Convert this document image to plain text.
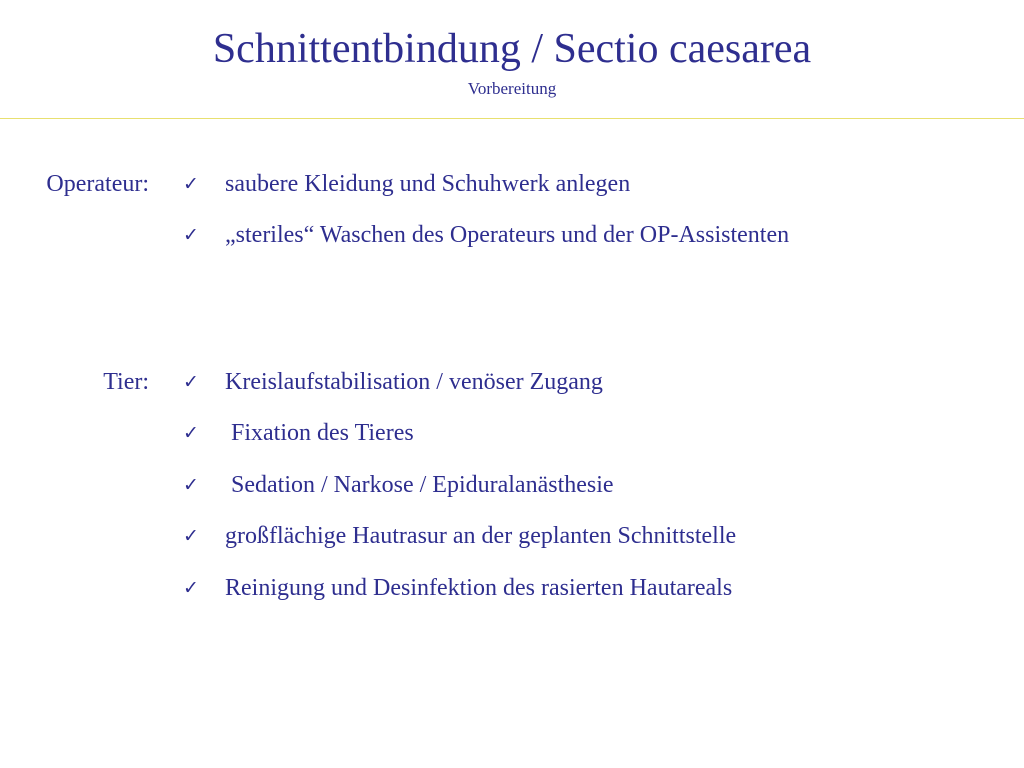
Schnittentbindung / Sectio caesarea
Vorbereitung
Operateur: ✓	saubere Kleidung und Schuhwerk anlegen
✓	„steriles“ Waschen des Operateurs und der OP-Assistenten
Tier: ✓	Kreislaufstabilisation / venöser Zugang
✓	Fixation des Tieres
✓	Sedation / Narkose / Epiduralanästhesie
✓	großflächige Hautrasur an der geplanten Schnittstelle
✓	Reinigung und Desinfektion des rasierten Hautareals
